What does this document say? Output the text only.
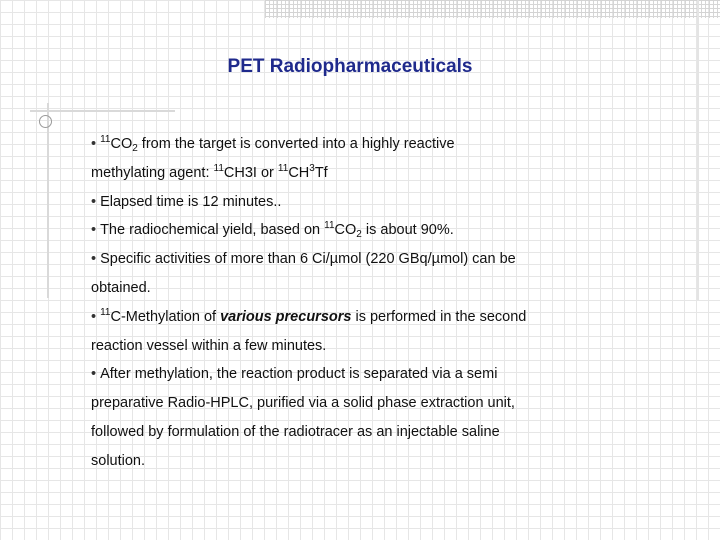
PET Radiopharmaceuticals

• $^{11}CO_2$ from the target is converted into a highly reactive methylating agent: $^{11}$CH3I or $^{11}CH^3Tf$

• Elapsed time is 12 minutes..

• The radiochemical yield, based on $^{11}CO_2$ is about 90%.

• Specific activities of more than 6 Ci/µmol (220 GBq/µmol) can be obtained.

• $^{11}$C-Methylation of various precursors is performed in the second reaction vessel within a few minutes.

• After methylation, the reaction product is separated via a semi preparative Radio-HPLC, purified via a solid phase extraction unit, followed by formulation of the radiotracer as an injectable saline solution.
